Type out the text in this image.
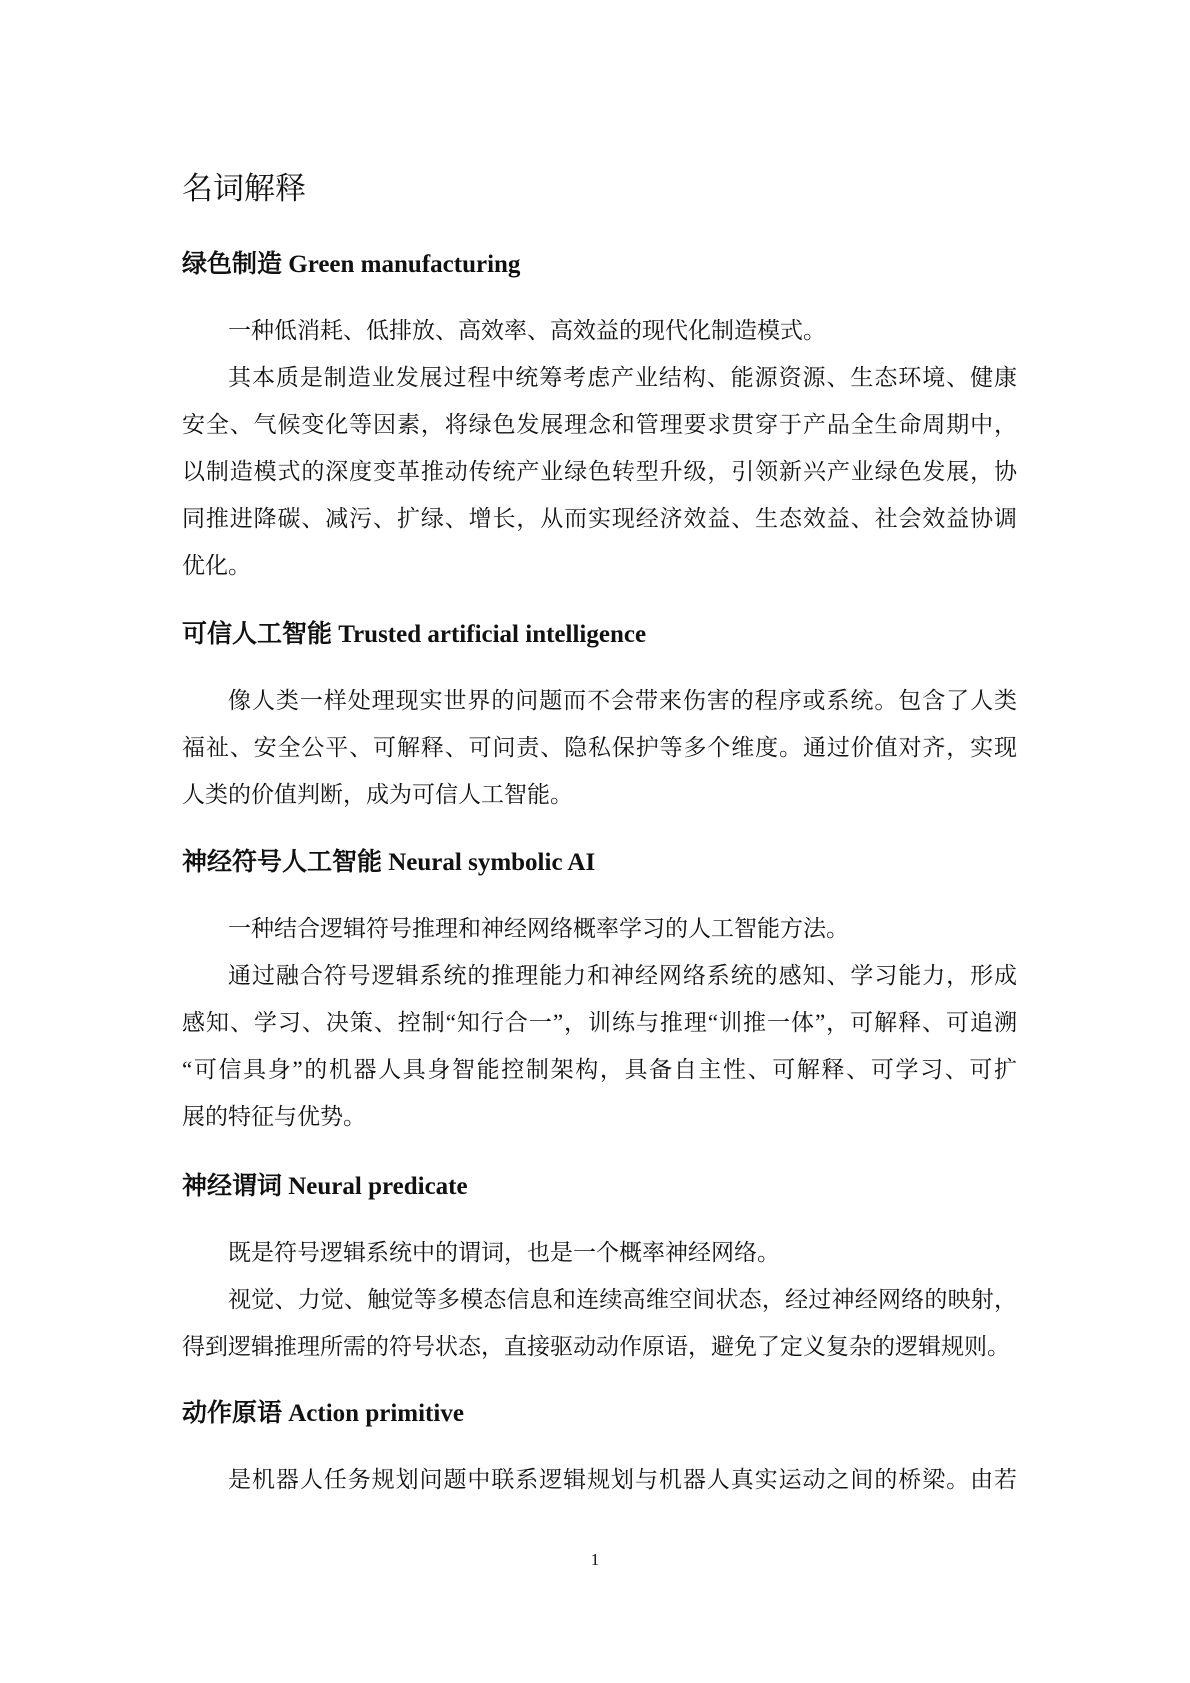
名词解释
绿色制造 Green manufacturing
一种低消耗、低排放、高效率、高效益的现代化制造模式。
其本质是制造业发展过程中统筹考虑产业结构、能源资源、生态环境、健康
安全、气候变化等因素，将绿色发展理念和管理要求贯穿于产品全生命周期中，
以制造模式的深度变革推动传统产业绿色转型升级，引领新兴产业绿色发展，协
同推进降碳、减污、扩绿、增长，从而实现经济效益、生态效益、社会效益协调
优化。
可信人工智能 Trusted artificial intelligence
像人类一样处理现实世界的问题而不会带来伤害的程序或系统。包含了人类
福祉、安全公平、可解释、可问责、隐私保护等多个维度。通过价值对齐，实现
人类的价值判断，成为可信人工智能。
神经符号人工智能 Neural symbolic AI
一种结合逻辑符号推理和神经网络概率学习的人工智能方法。
通过融合符号逻辑系统的推理能力和神经网络系统的感知、学习能力，形成
感知、学习、决策、控制“知行合一”，训练与推理“训推一体”，可解释、可追溯
“可信具身”的机器人具身智能控制架构，具备自主性、可解释、可学习、可扩
展的特征与优势。
神经谓词 Neural predicate
既是符号逻辑系统中的谓词，也是一个概率神经网络。
视觉、力觉、触觉等多模态信息和连续高维空间状态，经过神经网络的映射，
得到逻辑推理所需的符号状态，直接驱动动作原语，避免了定义复杂的逻辑规则。
动作原语 Action primitive
是机器人任务规划问题中联系逻辑规划与机器人真实运动之间的桥梁。由若
1
